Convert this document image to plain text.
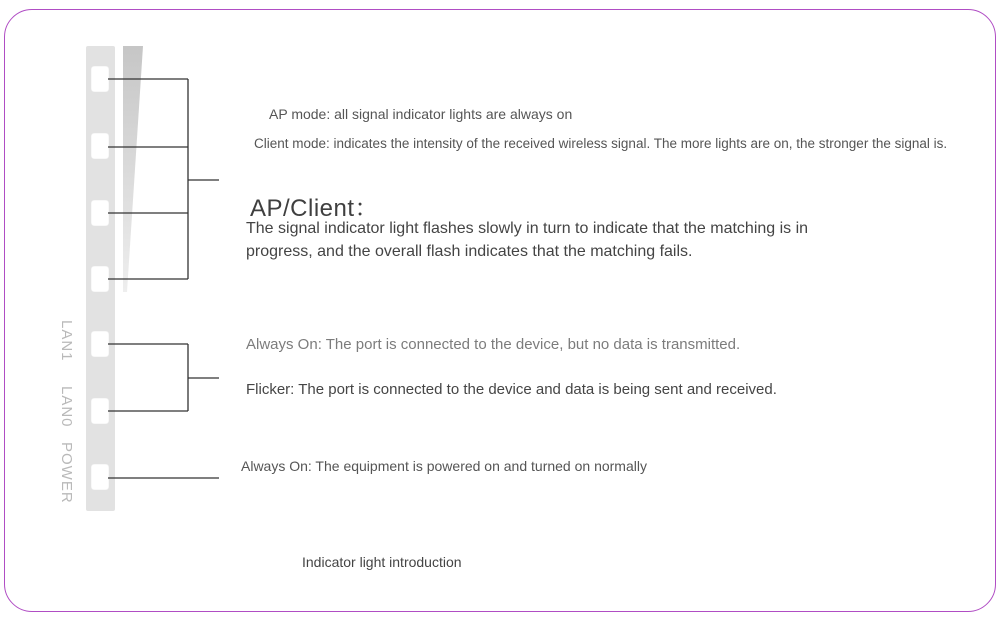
LAN1
LAN0
POWER
AP mode: all signal indicator lights are always on
Client mode: indicates the intensity of the received wireless signal. The more lights are on, the stronger the signal is.
AP/Client：
The signal indicator light flashes slowly in turn to indicate that the matching is in progress, and the overall flash indicates that the matching fails.
Always On: The port is connected to the device, but no data is transmitted.
Flicker: The port is connected to the device and data is being sent and received.
Always On: The equipment is powered on and turned on normally
Indicator light introduction
